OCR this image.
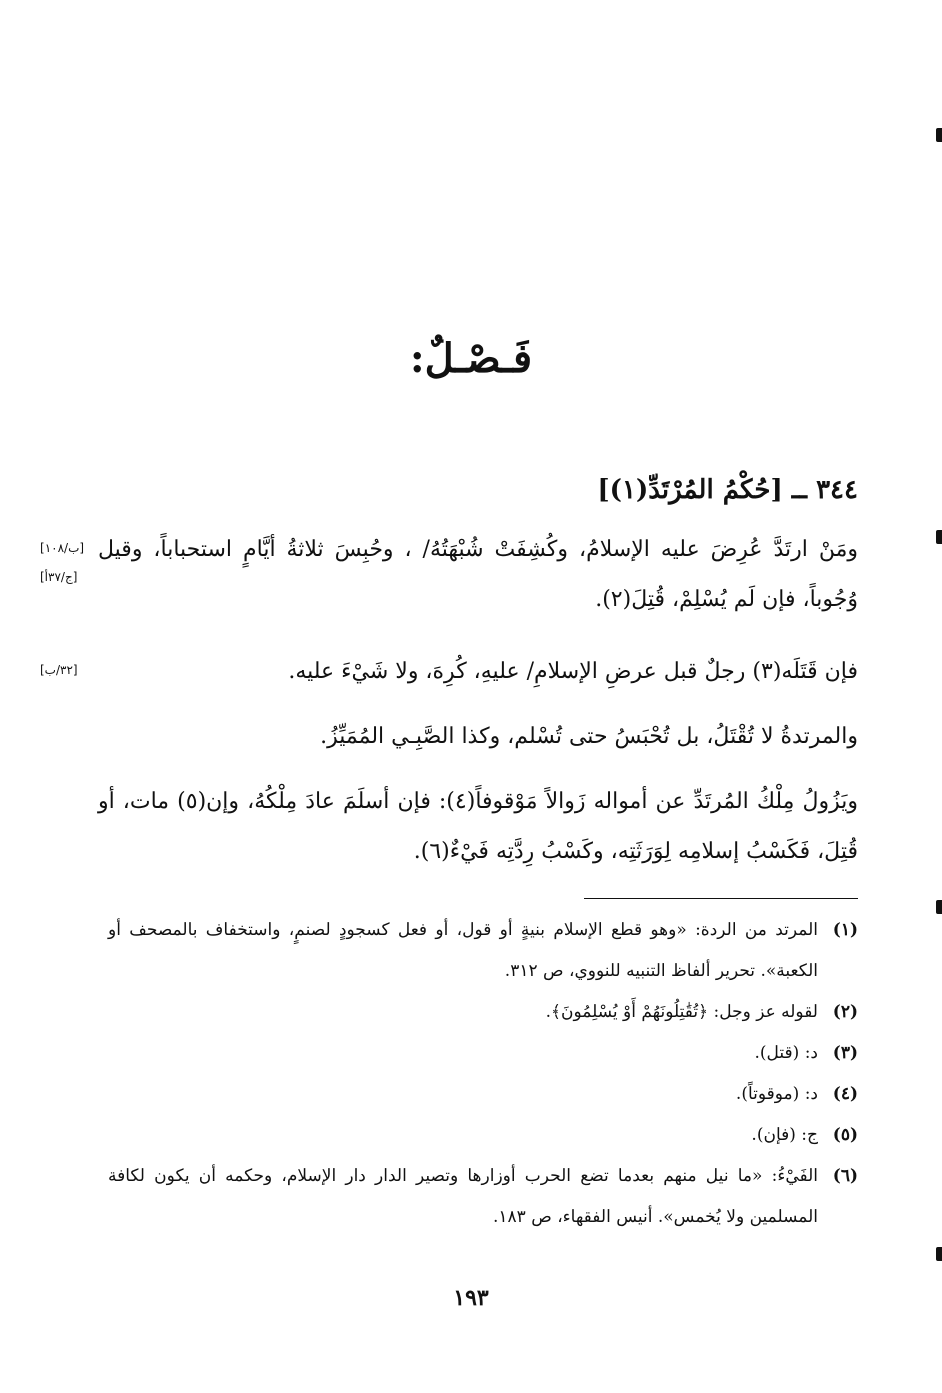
فَـصْـلٌ:
٣٤٤ ــ [حُكْمُ المُرْتَدِّ(١)]
[ب/١٠٨]
[ج/٣٧أ]
[٣٢/ب]

ومَنْ ارتَدَّ عُرِضَ عليه الإسلامُ، وكُشِفَتْ شُبْهَتُهُ/ ، وحُبِسَ ثلاثةُ أيَّامٍ استحباباً، وقيل وُجُوباً، فإن لَم يُسْلِمْ، قُتِلَ(٢).

فإن قَتَلَه(٣) رجلٌ قبل عرضِ الإسلامِ/ عليهِ، كُرِهَ، ولا شَيْءَ عليه.

والمرتدةُ لا تُقْتَلُ، بل تُحْبَسُ حتى تُسْلم، وكذا الصَّبِـي المُمَيِّزُ.

ويَزُولُ مِلْكُ المُرتَدِّ عن أمواله زَوالاً مَوْقوفاً(٤): فإن أسلَمَ عادَ مِلْكُهُ، وإن(٥) مات، أو قُتِلَ، فَكَسْبُ إسلامِه لِوَرَثَتِه، وكَسْبُ رِدَّتِه فَيْءٌ(٦).

(١)
المرتد من الردة: «وهو قطع الإسلام بنيةٍ أو قول، أو فعل كسجودٍ لصنمٍ، واستخفاف بالمصحف أو الكعبة». تحرير ألفاظ التنبيه للنووي، ص ٣١٢.
(٢)
لقوله عز وجل: ﴿تُقَٰتِلُونَهُمْ أَوْ يُسْلِمُونَ﴾.
(٣)
د: (قتل).
(٤)
د: (موقوتاً).
(٥)
ج: (فإن).
(٦)
الفَيْءُ: «ما نيل منهم بعدما تضع الحرب أوزارها وتصير الدار دار الإسلام، وحكمه أن يكون لكافة المسلمين ولا يُخمس». أنيس الفقهاء، ص ١٨٣.
١٩٣
